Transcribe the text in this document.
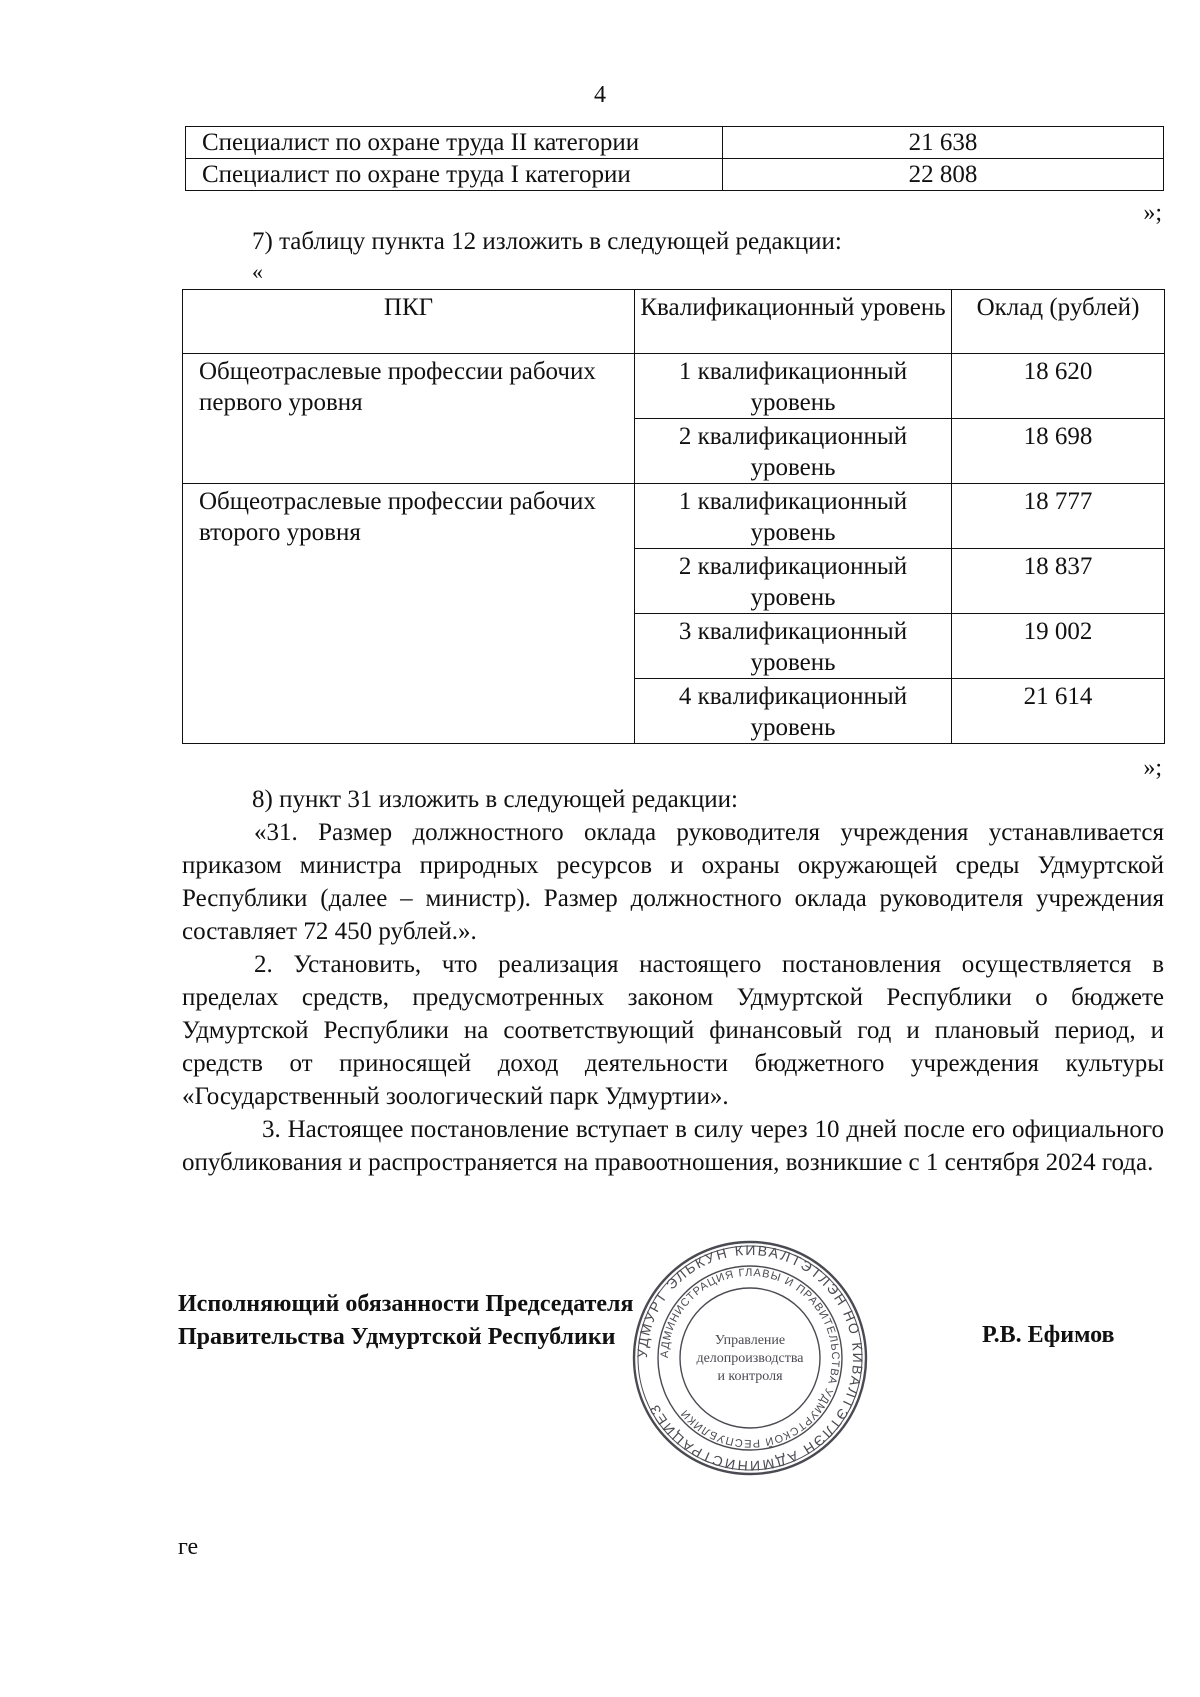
4
Специалист по охране труда II категории	21 638
Специалист по охране труда I категории	22 808
»;
7) таблицу пункта 12 изложить в следующей редакции:
«
ПКГ	Квалификационный уровень	Оклад (рублей)
Общеотраслевые профессии рабочих первого уровня	1 квалификационный уровень	18 620
	2 квалификационный уровень	18 698
Общеотраслевые профессии рабочих второго уровня	1 квалификационный уровень	18 777
	2 квалификационный уровень	18 837
	3 квалификационный уровень	19 002
	4 квалификационный уровень	21 614
»;
8) пункт 31 изложить в следующей редакции:

«31. Размер должностного оклада руководителя учреждения устанавливается приказом министра природных ресурсов и охраны окружающей среды Удмуртской Республики (далее – министр). Размер должностного оклада руководителя учреждения составляет 72 450 рублей.».

2. Установить, что реализация настоящего постановления осуществляется в пределах средств, предусмотренных законом Удмуртской Республики о бюджете Удмуртской Республики на соответствующий финансовый год и плановый период, и средств от приносящей доход деятельности бюджетного учреждения культуры «Государственный зоологический парк Удмуртии».

3. Настоящее постановление вступает в силу через 10 дней после его официального опубликования и распространяется на правоотношения, возникшие с 1 сентября 2024 года.

Исполняющий обязанности Председателя
Правительства Удмуртской Республики	Р.В. Ефимов
УДМУРТ ЭЛЬКУН КИВАЛТЭТЛЭН НО КИВАЛТЭТЛЭН АДМИНИСТРАЦИЕЗ
АДМИНИСТРАЦИЯ ГЛАВЫ И ПРАВИТЕЛЬСТВА УДМУРТСКОЙ РЕСПУБЛИКИ
Управление
делопроизводства
и контроля
ге
